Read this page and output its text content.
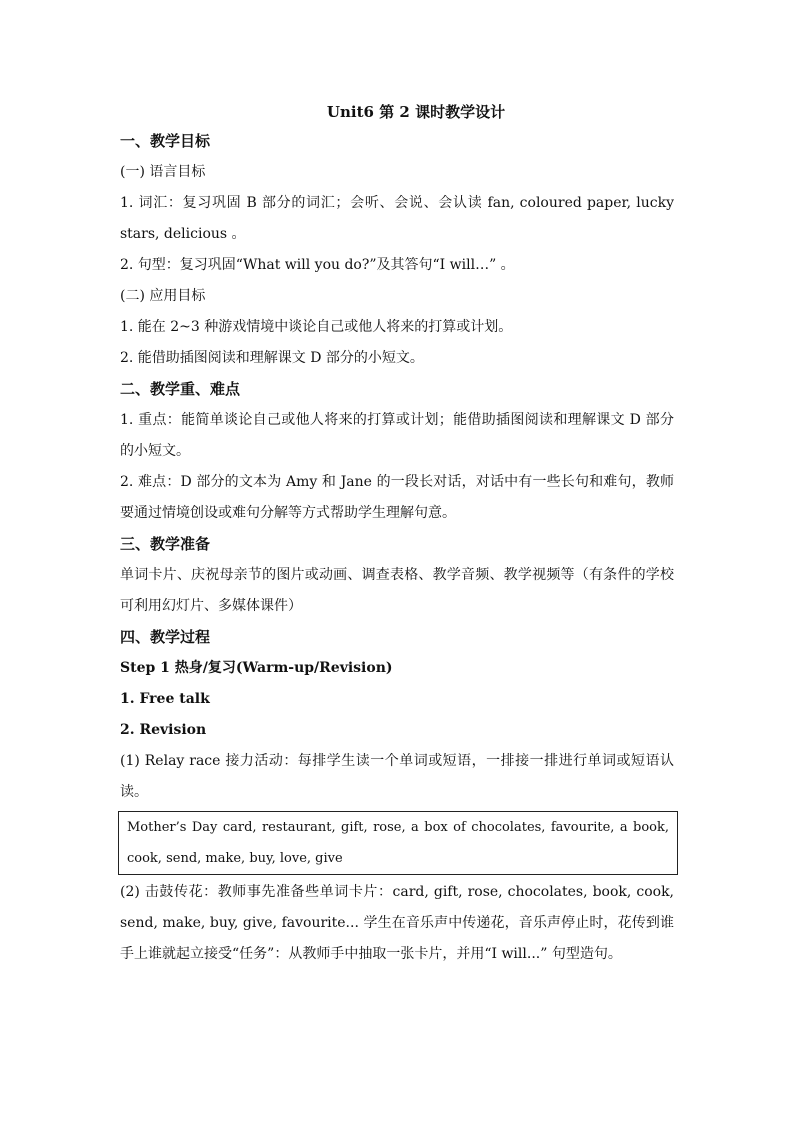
Unit6 第 2 课时教学设计
一、教学目标
(一) 语言目标
1. 词汇：复习巩固 B 部分的词汇；会听、会说、会认读 fan, coloured paper, lucky stars, delicious 。
2. 句型：复习巩固“What will you do?”及其答句“I will…” 。
(二) 应用目标
1. 能在 2~3 种游戏情境中谈论自己或他人将来的打算或计划。
2. 能借助插图阅读和理解课文 D 部分的小短文。
二、教学重、难点
1. 重点：能简单谈论自己或他人将来的打算或计划；能借助插图阅读和理解课文 D 部分的小短文。
2. 难点：D 部分的文本为 Amy 和 Jane 的一段长对话，对话中有一些长句和难句，教师要通过情境创设或难句分解等方式帮助学生理解句意。
三、教学准备
单词卡片、庆祝母亲节的图片或动画、调查表格、教学音频、教学视频等（有条件的学校可利用幻灯片、多媒体课件）
四、教学过程
Step 1 热身/复习(Warm-up/Revision)
1. Free talk
2. Revision
(1) Relay race 接力活动：每排学生读一个单词或短语，一排接一排进行单词或短语认读。
Mother’s Day card, restaurant, gift, rose, a box of chocolates, favourite, a book, cook, send, make, buy, love, give
(2) 击鼓传花：教师事先准备些单词卡片：card, gift, rose, chocolates, book, cook, send, make, buy, give, favourite... 学生在音乐声中传递花，音乐声停止时，花传到谁手上谁就起立接受“任务”：从教师手中抽取一张卡片，并用“I will...” 句型造句。
